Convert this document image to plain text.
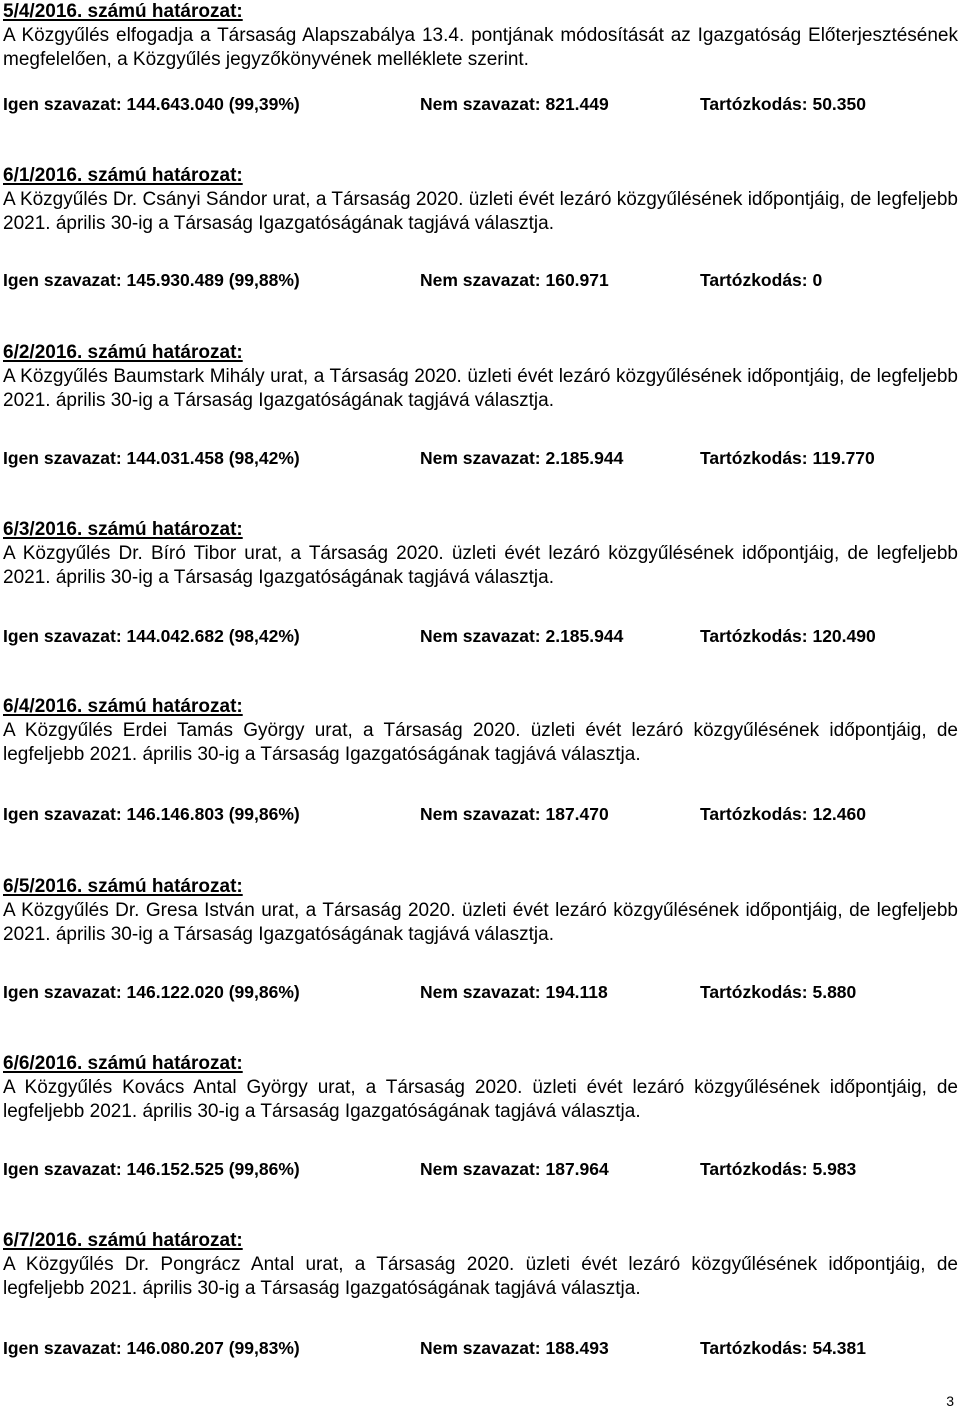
5/4/2016. számú határozat:
A Közgyűlés elfogadja a Társaság Alapszabálya 13.4. pontjának módosítását az Igazgatóság Előterjesztésének megfelelően, a Közgyűlés jegyzőkönyvének melléklete szerint.
Igen szavazat: 144.643.040 (99,39%)	Nem szavazat: 821.449	Tartózkodás: 50.350
6/1/2016. számú határozat:
A Közgyűlés Dr. Csányi Sándor urat, a Társaság 2020. üzleti évét lezáró közgyűlésének időpontjáig, de legfeljebb 2021. április 30-ig a Társaság Igazgatóságának tagjává választja.
Igen szavazat: 145.930.489 (99,88%)	Nem szavazat: 160.971	Tartózkodás: 0
6/2/2016. számú határozat:
A Közgyűlés Baumstark Mihály urat, a Társaság 2020. üzleti évét lezáró közgyűlésének időpontjáig, de legfeljebb 2021. április 30-ig a Társaság Igazgatóságának tagjává választja.
Igen szavazat: 144.031.458 (98,42%)	Nem szavazat: 2.185.944	Tartózkodás: 119.770
6/3/2016. számú határozat:
A Közgyűlés Dr. Bíró Tibor urat, a Társaság 2020. üzleti évét lezáró közgyűlésének időpontjáig, de legfeljebb 2021. április 30-ig a Társaság Igazgatóságának tagjává választja.
Igen szavazat: 144.042.682 (98,42%)	Nem szavazat: 2.185.944	Tartózkodás: 120.490
6/4/2016. számú határozat:
A Közgyűlés Erdei Tamás György urat, a Társaság 2020. üzleti évét lezáró közgyűlésének időpontjáig, de legfeljebb 2021. április 30-ig a Társaság Igazgatóságának tagjává választja.
Igen szavazat: 146.146.803 (99,86%)	Nem szavazat: 187.470	Tartózkodás: 12.460
6/5/2016. számú határozat:
A Közgyűlés Dr. Gresa István urat, a Társaság 2020. üzleti évét lezáró közgyűlésének időpontjáig, de legfeljebb 2021. április 30-ig a Társaság Igazgatóságának tagjává választja.
Igen szavazat: 146.122.020 (99,86%)	Nem szavazat: 194.118	Tartózkodás: 5.880
6/6/2016. számú határozat:
A Közgyűlés Kovács Antal György urat, a Társaság 2020. üzleti évét lezáró közgyűlésének időpontjáig, de legfeljebb 2021. április 30-ig a Társaság Igazgatóságának tagjává választja.
Igen szavazat: 146.152.525 (99,86%)	Nem szavazat: 187.964	Tartózkodás: 5.983
6/7/2016. számú határozat:
A Közgyűlés Dr. Pongrácz Antal urat, a Társaság 2020. üzleti évét lezáró közgyűlésének időpontjáig, de legfeljebb 2021. április 30-ig a Társaság Igazgatóságának tagjává választja.
Igen szavazat: 146.080.207 (99,83%)	Nem szavazat: 188.493	Tartózkodás: 54.381
3
